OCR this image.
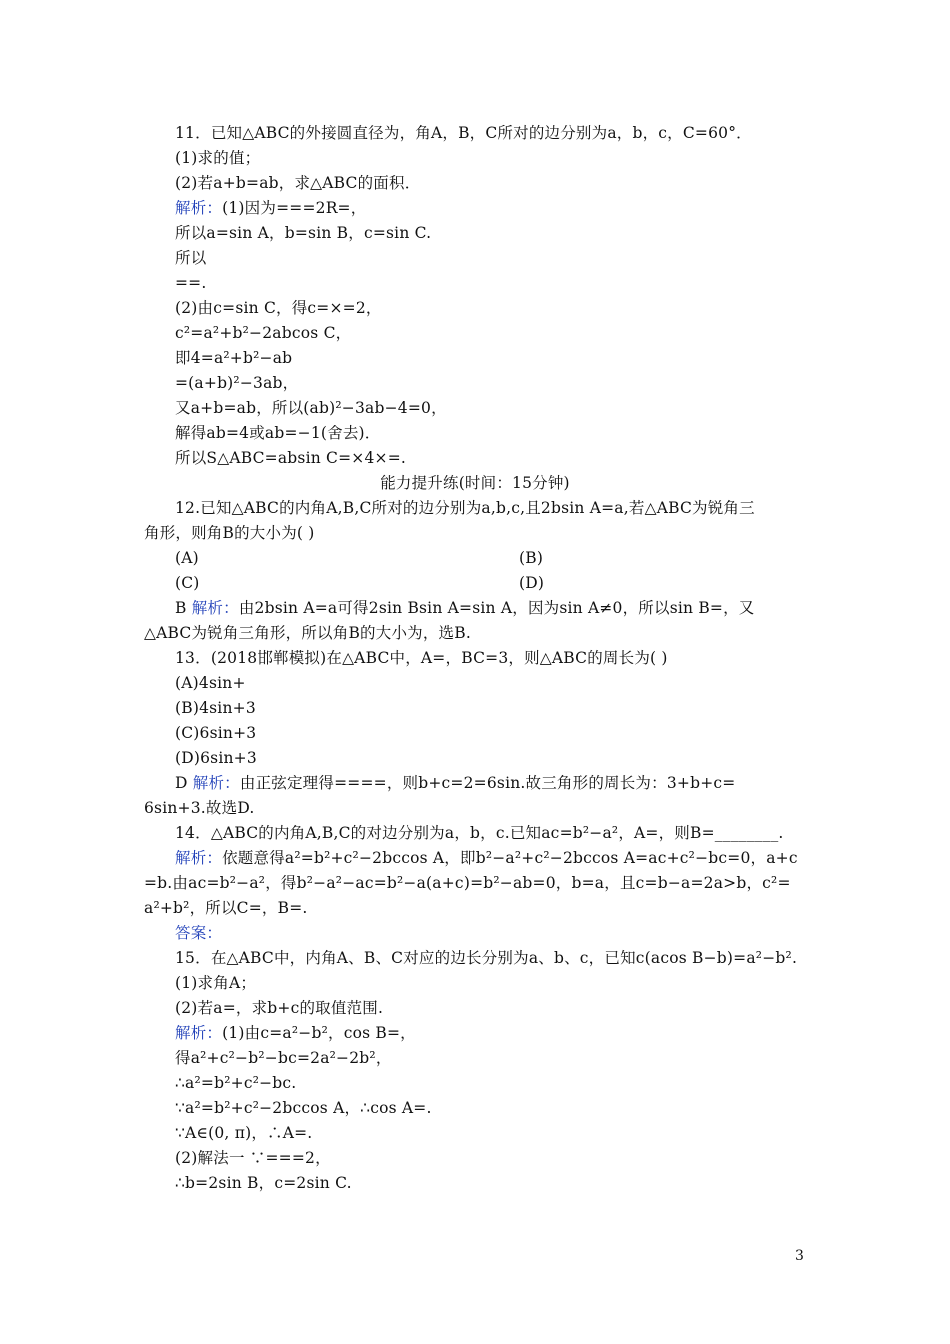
3
11．已知△ABC的外接圆直径为，角A，B，C所对的边分别为a，b，c，C=60°．
(1)求的值；
(2)若a+b=ab，求△ABC的面积．
解析：(1)因为===2R=，
所以a=sin A，b=sin B，c=sin C.
所以
==.
(2)由c=sin C，得c=×=2，
c²=a²+b²−2abcos C，
即4=a²+b²−ab
=(a+b)²−3ab，
又a+b=ab，所以(ab)²−3ab−4=0，
解得ab=4或ab=−1(舍去)．
所以S△ABC=absin C=×4×=.
能力提升练(时间：15分钟)
12.已知△ABC的内角A,B,C所对的边分别为a,b,c,且2bsin A=a,若△ABC为锐角三
角形，则角B的大小为( )
(A)	(B)
(C)	(D)
B 解析：由2bsin A=a可得2sin Bsin A=sin A，因为sin A≠0，所以sin B=，又
△ABC为锐角三角形，所以角B的大小为，选B.
13．(2018邯郸模拟)在△ABC中，A=，BC=3，则△ABC的周长为( )
(A)4sin+
(B)4sin+3
(C)6sin+3
(D)6sin+3
D 解析：由正弦定理得====，则b+c=2=6sin.故三角形的周长为：3+b+c=
6sin+3.故选D.
14．△ABC的内角A,B,C的对边分别为a，b，c.已知ac=b²−a²，A=，则B=________.
解析：依题意得a²=b²+c²−2bccos A，即b²−a²+c²−2bccos A=ac+c²−bc=0，a+c
=b.由ac=b²−a²，得b²−a²−ac=b²−a(a+c)=b²−ab=0，b=a，且c=b−a=2a>b，c²=
a²+b²，所以C=，B=.
答案：
15．在△ABC中，内角A、B、C对应的边长分别为a、b、c，已知c(acos B−b)=a²−b².
(1)求角A；
(2)若a=，求b+c的取值范围.
解析：(1)由c=a²−b²，cos B=，
得a²+c²−b²−bc=2a²−2b²，
∴a²=b²+c²−bc.
∵a²=b²+c²−2bccos A，∴cos A=.
∵A∈(0, π)，∴A=.
(2)解法一 ∵===2，
∴b=2sin B，c=2sin C.
